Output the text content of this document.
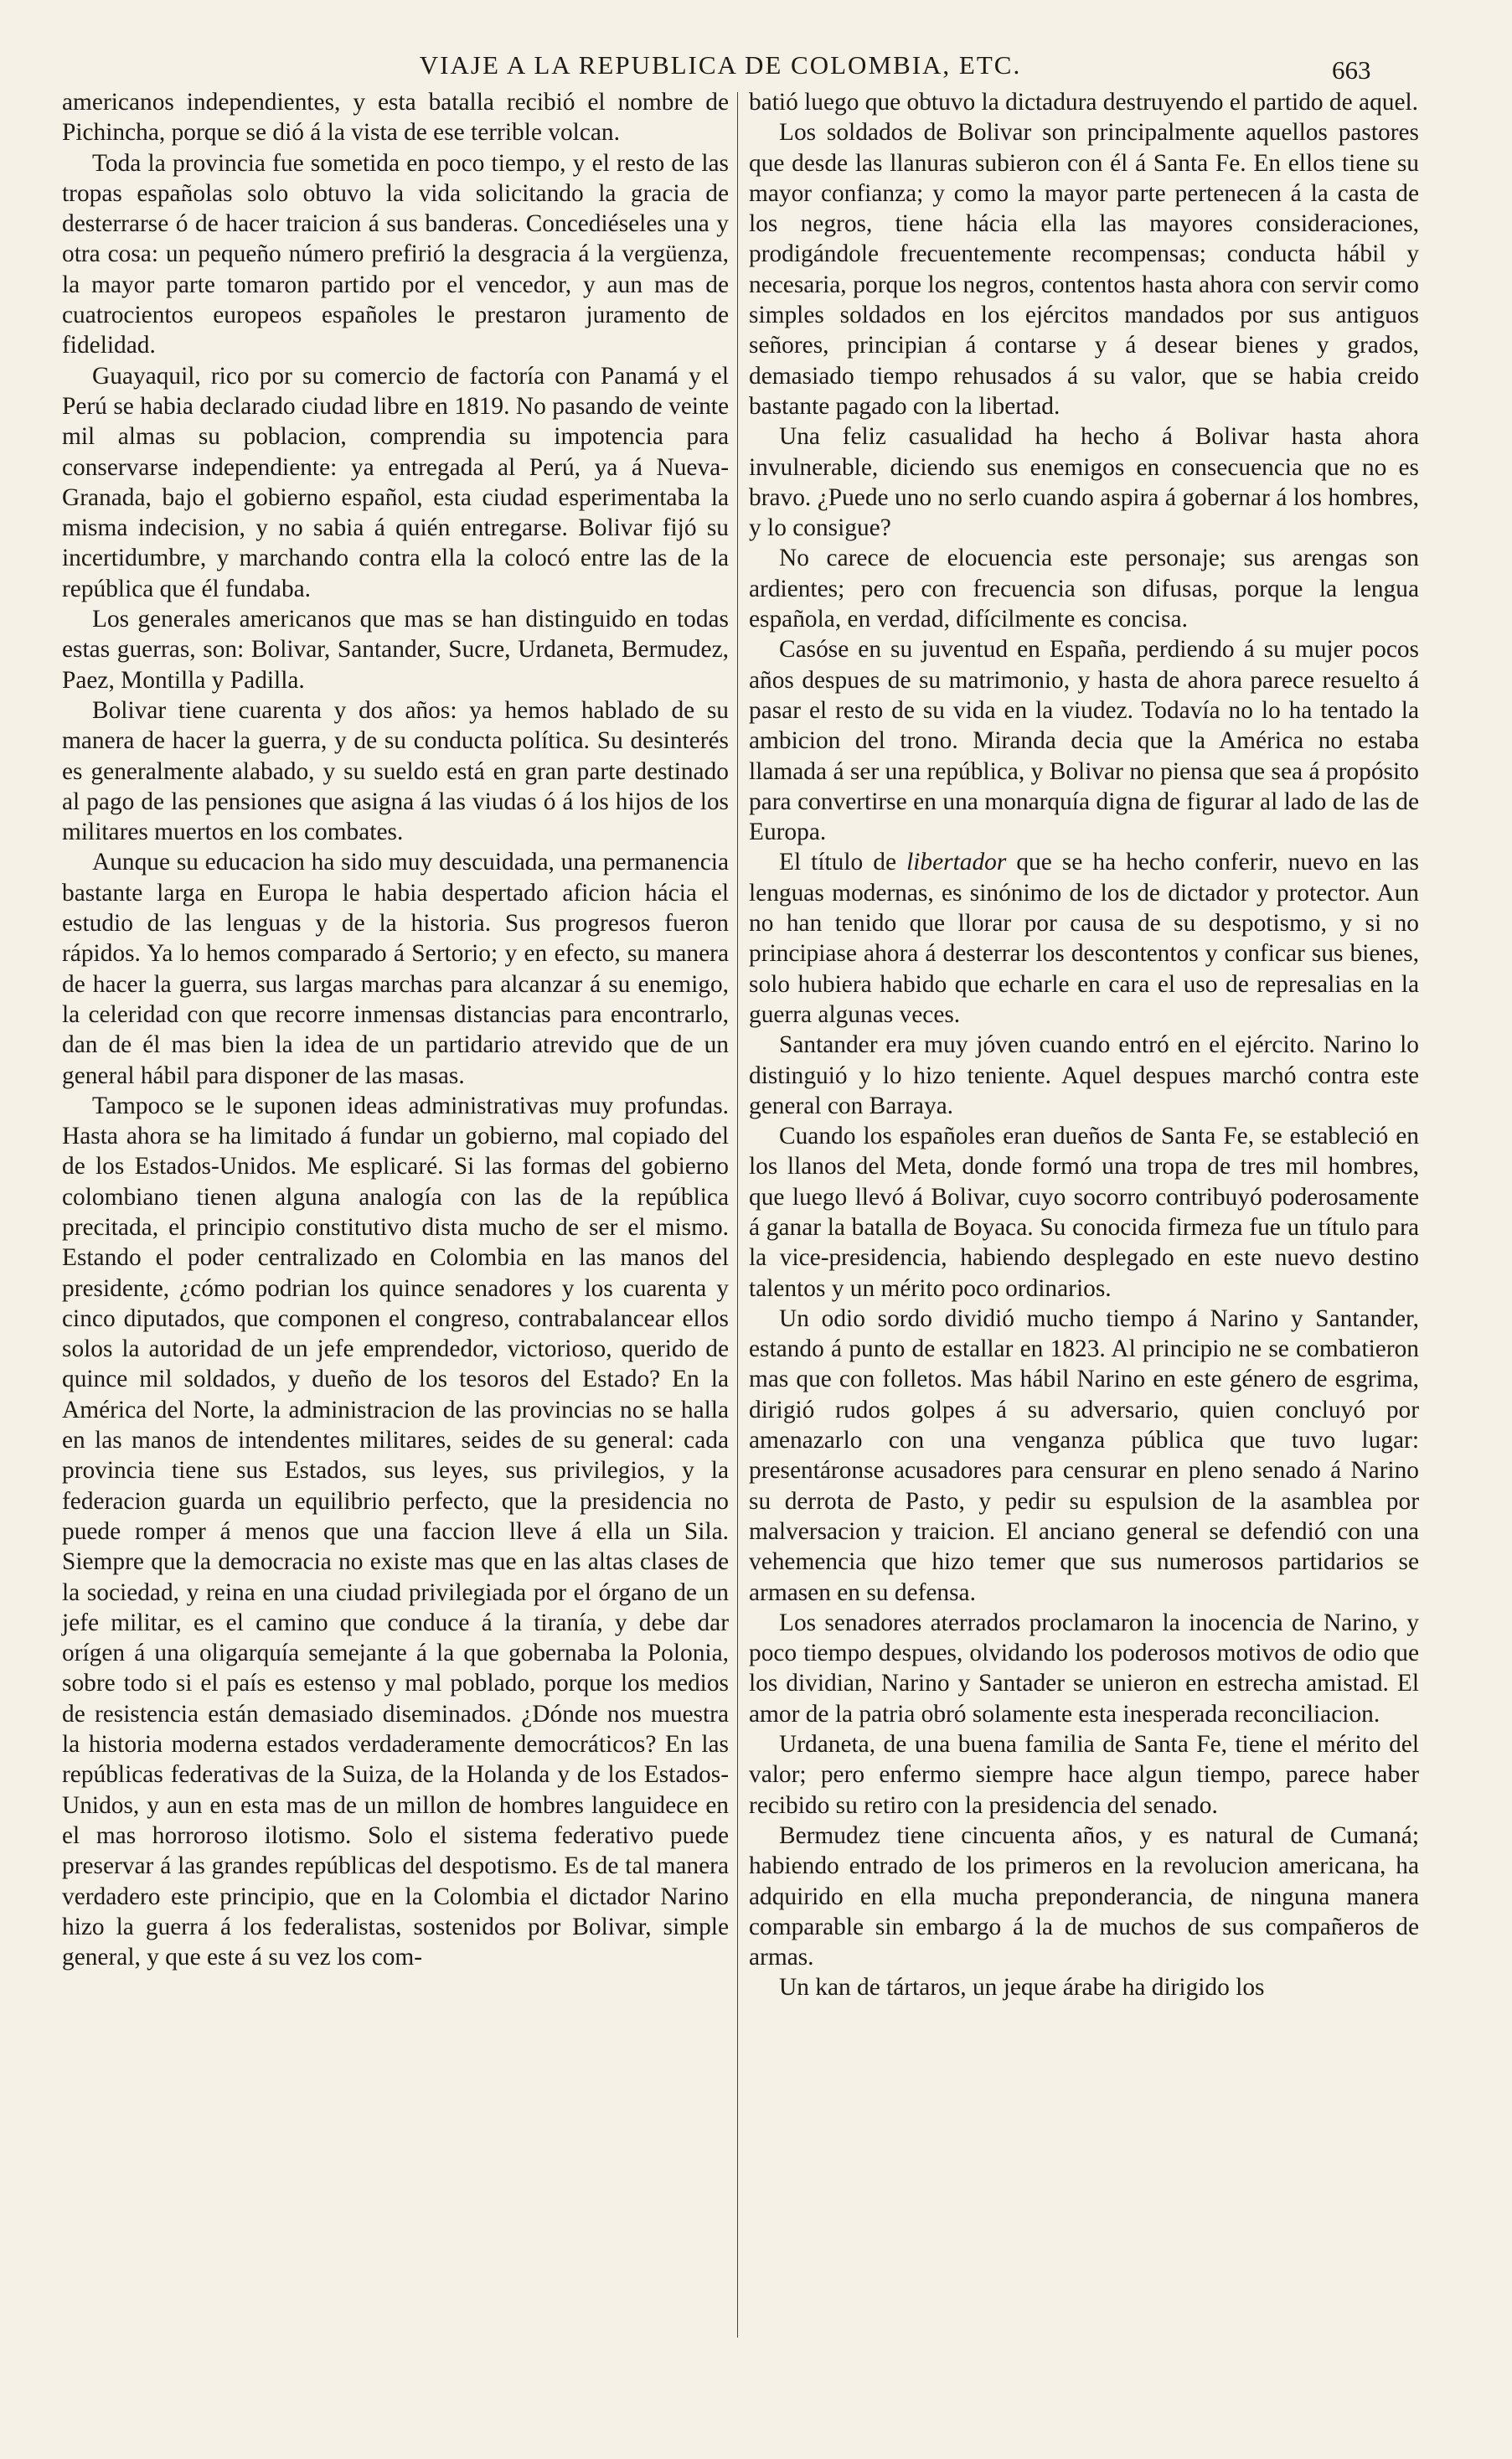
VIAJE A LA REPUBLICA DE COLOMBIA, ETC.	663

americanos independientes, y esta batalla recibió el nombre de Pichincha, porque se dió á la vista de ese terrible volcan.

Toda la provincia fue sometida en poco tiempo, y el resto de las tropas españolas solo obtuvo la vida solicitando la gracia de desterrarse ó de hacer traicion á sus banderas. Concediéseles una y otra cosa: un pequeño número prefirió la desgracia á la vergüenza, la mayor parte tomaron partido por el vencedor, y aun mas de cuatrocientos europeos españoles le prestaron juramento de fidelidad.

Guayaquil, rico por su comercio de factoría con Panamá y el Perú se habia declarado ciudad libre en 1819. No pasando de veinte mil almas su poblacion, comprendia su impotencia para conservarse independiente: ya entregada al Perú, ya á Nueva-Granada, bajo el gobierno español, esta ciudad esperimentaba la misma indecision, y no sabia á quién entregarse. Bolivar fijó su incertidumbre, y marchando contra ella la colocó entre las de la república que él fundaba.

Los generales americanos que mas se han distinguido en todas estas guerras, son: Bolivar, Santander, Sucre, Urdaneta, Bermudez, Paez, Montilla y Padilla.

Bolivar tiene cuarenta y dos años: ya hemos hablado de su manera de hacer la guerra, y de su conducta política. Su desinterés es generalmente alabado, y su sueldo está en gran parte destinado al pago de las pensiones que asigna á las viudas ó á los hijos de los militares muertos en los combates.

Aunque su educacion ha sido muy descuidada, una permanencia bastante larga en Europa le habia despertado aficion hácia el estudio de las lenguas y de la historia. Sus progresos fueron rápidos. Ya lo hemos comparado á Sertorio; y en efecto, su manera de hacer la guerra, sus largas marchas para alcanzar á su enemigo, la celeridad con que recorre inmensas distancias para encontrarlo, dan de él mas bien la idea de un partidario atrevido que de un general hábil para disponer de las masas.

Tampoco se le suponen ideas administrativas muy profundas. Hasta ahora se ha limitado á fundar un gobierno, mal copiado del de los Estados-Unidos. Me esplicaré. Si las formas del gobierno colombiano tienen alguna analogía con las de la república precitada, el principio constitutivo dista mucho de ser el mismo. Estando el poder centralizado en Colombia en las manos del presidente, ¿cómo podrian los quince senadores y los cuarenta y cinco diputados, que componen el congreso, contrabalancear ellos solos la autoridad de un jefe emprendedor, victorioso, querido de quince mil soldados, y dueño de los tesoros del Estado? En la América del Norte, la administracion de las provincias no se halla en las manos de intendentes militares, seides de su general: cada provincia tiene sus Estados, sus leyes, sus privilegios, y la federacion guarda un equilibrio perfecto, que la presidencia no puede romper á menos que una faccion lleve á ella un Sila. Siempre que la democracia no existe mas que en las altas clases de la sociedad, y reina en una ciudad privilegiada por el órgano de un jefe militar, es el camino que conduce á la tiranía, y debe dar orígen á una oligarquía semejante á la que gobernaba la Polonia, sobre todo si el país es estenso y mal poblado, porque los medios de resistencia están demasiado diseminados. ¿Dónde nos muestra la historia moderna estados verdaderamente democráticos? En las repúblicas federativas de la Suiza, de la Holanda y de los Estados-Unidos, y aun en esta mas de un millon de hombres languidece en el mas horroroso ilotismo. Solo el sistema federativo puede preservar á las grandes repúblicas del despotismo. Es de tal manera verdadero este principio, que en la Colombia el dictador Narino hizo la guerra á los federalistas, sostenidos por Bolivar, simple general, y que este á su vez los com-

batió luego que obtuvo la dictadura destruyendo el partido de aquel.

Los soldados de Bolivar son principalmente aquellos pastores que desde las llanuras subieron con él á Santa Fe. En ellos tiene su mayor confianza; y como la mayor parte pertenecen á la casta de los negros, tiene hácia ella las mayores consideraciones, prodigándole frecuentemente recompensas; conducta hábil y necesaria, porque los negros, contentos hasta ahora con servir como simples soldados en los ejércitos mandados por sus antiguos señores, principian á contarse y á desear bienes y grados, demasiado tiempo rehusados á su valor, que se habia creido bastante pagado con la libertad.

Una feliz casualidad ha hecho á Bolivar hasta ahora invulnerable, diciendo sus enemigos en consecuencia que no es bravo. ¿Puede uno no serlo cuando aspira á gobernar á los hombres, y lo consigue?

No carece de elocuencia este personaje; sus arengas son ardientes; pero con frecuencia son difusas, porque la lengua española, en verdad, difícilmente es concisa.

Casóse en su juventud en España, perdiendo á su mujer pocos años despues de su matrimonio, y hasta de ahora parece resuelto á pasar el resto de su vida en la viudez. Todavía no lo ha tentado la ambicion del trono. Miranda decia que la América no estaba llamada á ser una república, y Bolivar no piensa que sea á propósito para convertirse en una monarquía digna de figurar al lado de las de Europa.

El título de libertador que se ha hecho conferir, nuevo en las lenguas modernas, es sinónimo de los de dictador y protector. Aun no han tenido que llorar por causa de su despotismo, y si no principiase ahora á desterrar los descontentos y conficar sus bienes, solo hubiera habido que echarle en cara el uso de represalias en la guerra algunas veces.

Santander era muy jóven cuando entró en el ejército. Narino lo distinguió y lo hizo teniente. Aquel despues marchó contra este general con Barraya.

Cuando los españoles eran dueños de Santa Fe, se estableció en los llanos del Meta, donde formó una tropa de tres mil hombres, que luego llevó á Bolivar, cuyo socorro contribuyó poderosamente á ganar la batalla de Boyaca. Su conocida firmeza fue un título para la vice-presidencia, habiendo desplegado en este nuevo destino talentos y un mérito poco ordinarios.

Un odio sordo dividió mucho tiempo á Narino y Santander, estando á punto de estallar en 1823. Al principio ne se combatieron mas que con folletos. Mas hábil Narino en este género de esgrima, dirigió rudos golpes á su adversario, quien concluyó por amenazarlo con una venganza pública que tuvo lugar: presentáronse acusadores para censurar en pleno senado á Narino su derrota de Pasto, y pedir su espulsion de la asamblea por malversacion y traicion. El anciano general se defendió con una vehemencia que hizo temer que sus numerosos partidarios se armasen en su defensa.

Los senadores aterrados proclamaron la inocencia de Narino, y poco tiempo despues, olvidando los poderosos motivos de odio que los dividian, Narino y Santader se unieron en estrecha amistad. El amor de la patria obró solamente esta inesperada reconciliacion.

Urdaneta, de una buena familia de Santa Fe, tiene el mérito del valor; pero enfermo siempre hace algun tiempo, parece haber recibido su retiro con la presidencia del senado.

Bermudez tiene cincuenta años, y es natural de Cumaná; habiendo entrado de los primeros en la revolucion americana, ha adquirido en ella mucha preponderancia, de ninguna manera comparable sin embargo á la de muchos de sus compañeros de armas.

Un kan de tártaros, un jeque árabe ha dirigido los
